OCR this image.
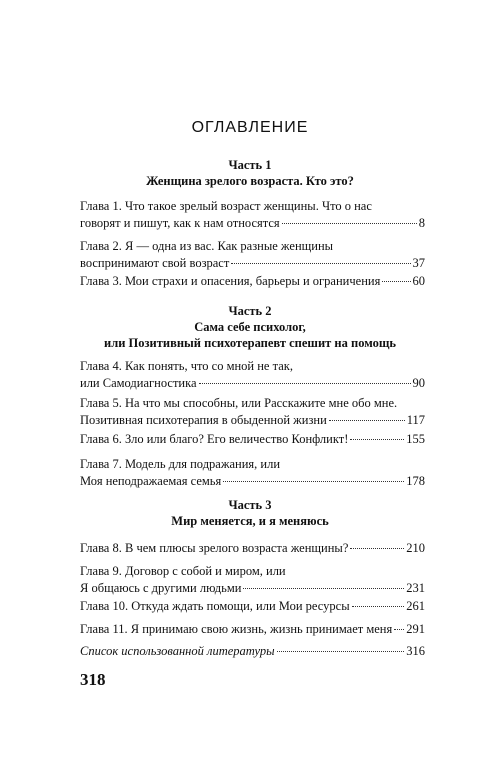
ОГЛАВЛЕНИЕ
Часть 1
Женщина зрелого возраста. Кто это?
Глава 1. Что такое зрелый возраст женщины. Что о нас
говорят и пишут, как к нам относятся	8
Глава 2. Я — одна из вас. Как разные женщины
воспринимают свой возраст	37
Глава 3. Мои страхи и опасения, барьеры и ограничения	60
Часть 2
Сама себе психолог,
или Позитивный психотерапевт спешит на помощь
Глава 4. Как понять, что со мной не так,
или Самодиагностика	90
Глава 5. На что мы способны, или Расскажите мне обо мне.
Позитивная психотерапия в обыденной жизни	117
Глава 6. Зло или благо? Его величество Конфликт!	155
Глава 7. Модель для подражания, или
Моя неподражаемая семья	178
Часть 3
Мир меняется, и я меняюсь
Глава 8. В чем плюсы зрелого возраста женщины?	210
Глава 9. Договор с собой и миром, или
Я общаюсь с другими людьми	231
Глава 10. Откуда ждать помощи, или Мои ресурсы	261
Глава 11. Я принимаю свою жизнь, жизнь принимает меня 291
Список использованной литературы	316
318
